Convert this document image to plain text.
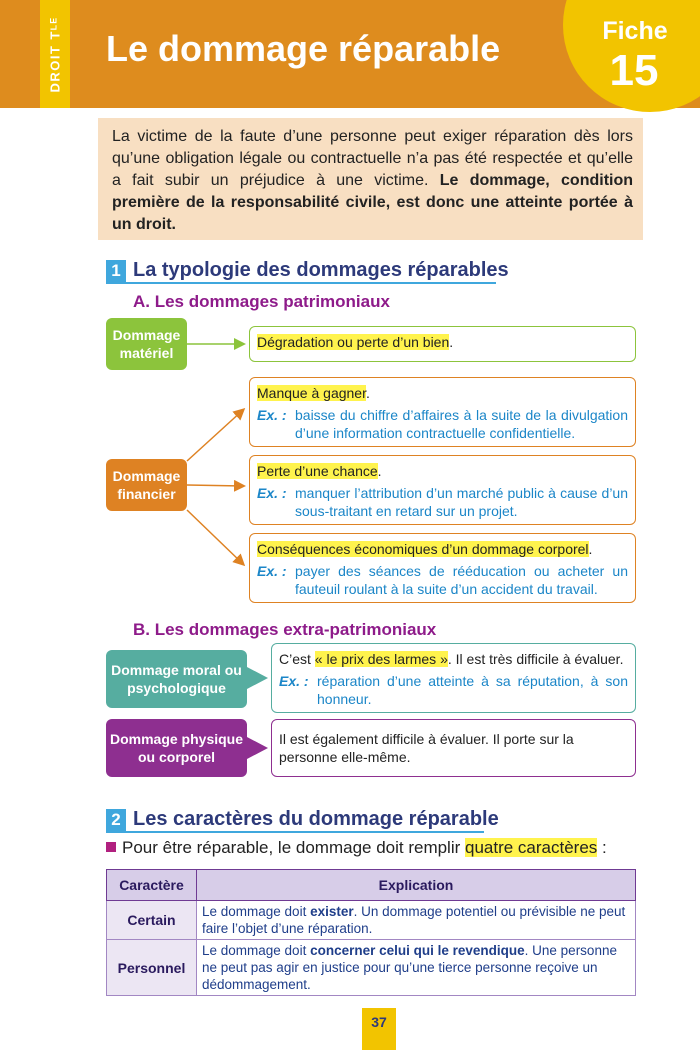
DROIT Tᴸᴱ Le dommage réparable	Fiche
15
La victime de la faute d’une personne peut exiger réparation dès lors qu’une obligation légale ou contractuelle n’a pas été respectée et qu’elle a fait subir un préjudice à une victime. Le dommage, condition première de la responsabilité civile, est donc une atteinte portée à un droit.
1 La typologie des dommages réparables
A. Les dommages patrimoniaux
Dommage matériel
Dégradation ou perte d’un bien.
Dommage financier
Manque à gagner.
Ex. : baisse du chiffre d’affaires à la suite de la divulgation d’une information contractuelle confidentielle.
Perte d’une chance.
Ex. : manquer l’attribution d’un marché public à cause d’un sous-traitant en retard sur un projet.
Conséquences économiques d’un dommage corporel.
Ex. : payer des séances de rééducation ou acheter un fauteuil roulant à la suite d’un accident du travail.
B. Les dommages extra-patrimoniaux
Dommage moral ou psychologique
C’est « le prix des larmes ». Il est très difficile à évaluer.
Ex. : réparation d’une atteinte à sa réputation, à son honneur.
Dommage physique ou corporel
Il est également difficile à évaluer. Il porte sur la personne elle-même.
2 Les caractères du dommage réparable
Pour être réparable, le dommage doit remplir quatre caractères :
Caractère	Explication
Certain	Le dommage doit exister. Un dommage potentiel ou prévisible ne peut faire l’objet d’une réparation.
Personnel	Le dommage doit concerner celui qui le revendique. Une personne ne peut pas agir en justice pour qu’une tierce personne reçoive un dédommagement.
37
